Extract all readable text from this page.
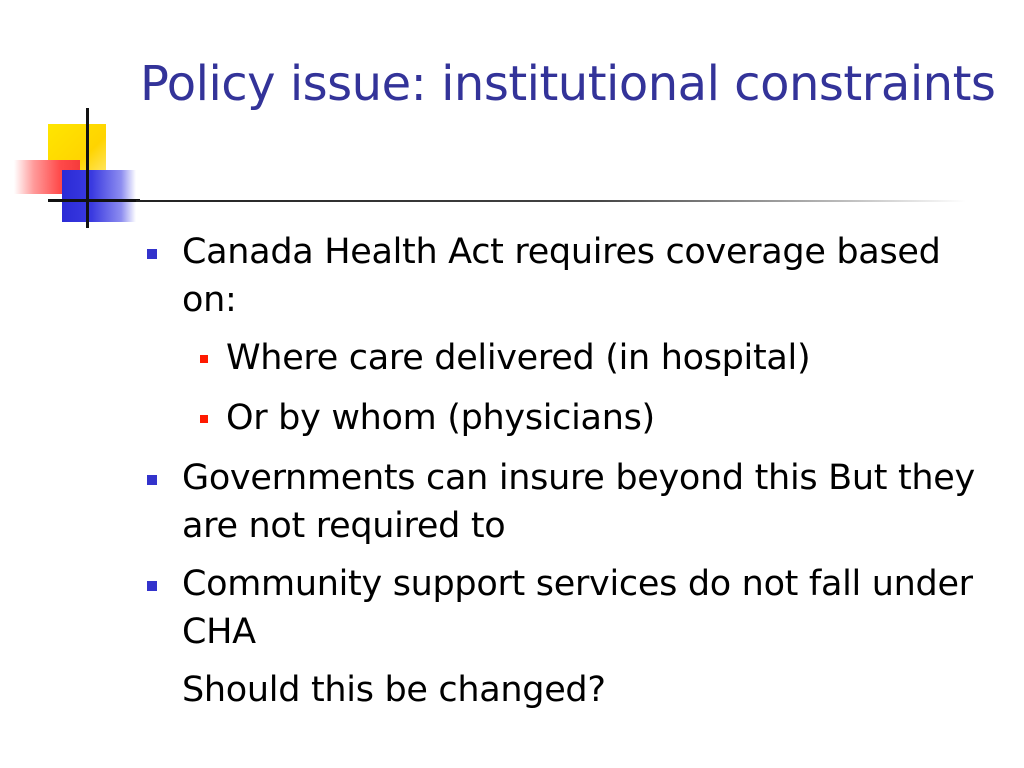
Policy issue: institutional constraints
Canada Health Act requires coverage based on:
Where care delivered (in hospital)
Or by whom (physicians)
Governments can insure beyond this But they are not required to
Community support services do not fall under CHA
Should this be changed?
